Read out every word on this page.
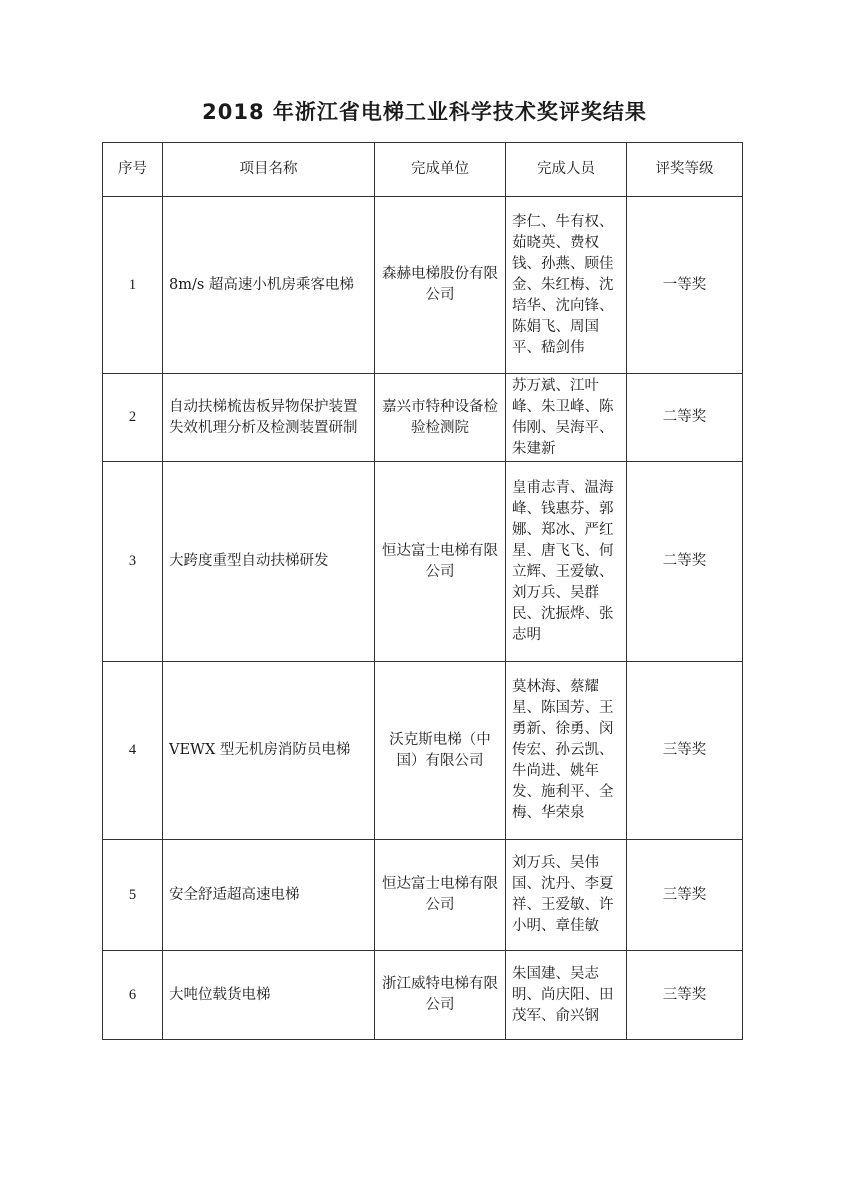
2018 年浙江省电梯工业科学技术奖评奖结果
序号	项目名称	完成单位	完成人员	评奖等级
1	8m/s 超高速小机房乘客电梯	森赫电梯股份有限公司	李仁、牛有权、茹晓英、费权钱、孙燕、顾佳金、朱红梅、沈培华、沈向锋、陈娟飞、周国平、嵇剑伟	一等奖
2	自动扶梯梳齿板异物保护装置失效机理分析及检测装置研制	嘉兴市特种设备检验检测院	苏万斌、江叶峰、朱卫峰、陈伟刚、吴海平、朱建新	二等奖
3	大跨度重型自动扶梯研发	恒达富士电梯有限公司	皇甫志青、温海峰、钱惠芬、郭娜、郑冰、严红星、唐飞飞、何立辉、王爱敏、刘万兵、吴群民、沈振烨、张志明	二等奖
4	VEWX 型无机房消防员电梯	沃克斯电梯（中国）有限公司	莫林海、蔡耀星、陈国芳、王勇新、徐勇、闵传宏、孙云凯、牛尚进、姚年发、施利平、全梅、华荣泉	三等奖
5	安全舒适超高速电梯	恒达富士电梯有限公司	刘万兵、吴伟国、沈丹、李夏祥、王爱敏、许小明、章佳敏	三等奖
6	大吨位载货电梯	浙江威特电梯有限公司	朱国建、吴志明、尚庆阳、田茂军、俞兴钢	三等奖
